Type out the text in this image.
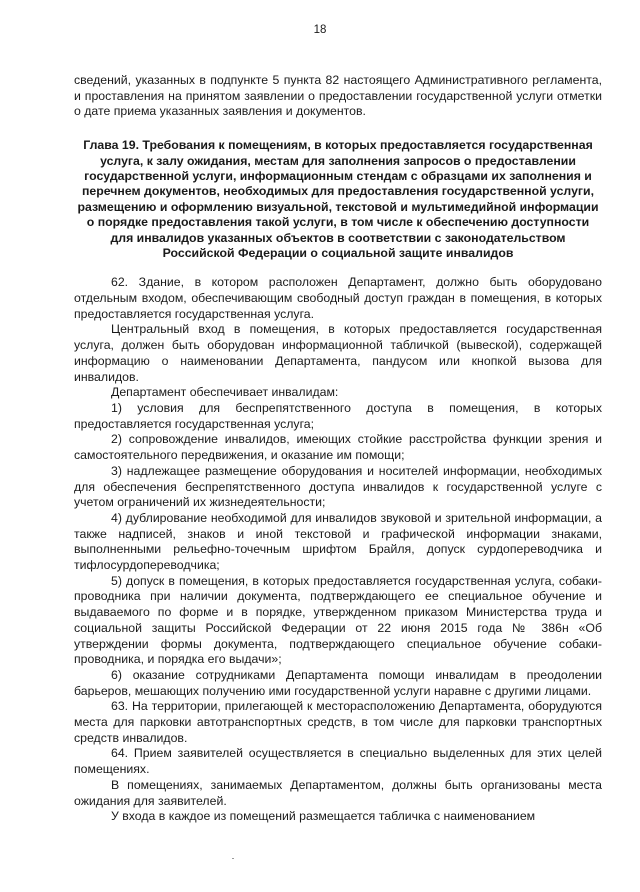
18

сведений, указанных в подпункте 5 пункта 82 настоящего Административного регламента, и проставления на принятом заявлении о предоставлении государственной услуги отметки о дате приема указанных заявления и документов.

Глава 19. Требования к помещениям, в которых предоставляется государственная услуга, к залу ожидания, местам для заполнения запросов о предоставлении государственной услуги, информационным стендам с образцами их заполнения и перечнем документов, необходимых для предоставления государственной услуги, размещению и оформлению визуальной, текстовой и мультимедийной информации о порядке предоставления такой услуги, в том числе к обеспечению доступности для инвалидов указанных объектов в соответствии с законодательством Российской Федерации о социальной защите инвалидов

62. Здание, в котором расположен Департамент, должно быть оборудовано отдельным входом, обеспечивающим свободный доступ граждан в помещения, в которых предоставляется государственная услуга.

Центральный вход в помещения, в которых предоставляется государственная услуга, должен быть оборудован информационной табличкой (вывеской), содержащей информацию о наименовании Департамента, пандусом или кнопкой вызова для инвалидов.

Департамент обеспечивает инвалидам:

1) условия для беспрепятственного доступа в помещения, в которых предоставляется государственная услуга;

2) сопровождение инвалидов, имеющих стойкие расстройства функции зрения и самостоятельного передвижения, и оказание им помощи;

3) надлежащее размещение оборудования и носителей информации, необходимых для обеспечения беспрепятственного доступа инвалидов к государственной услуге с учетом ограничений их жизнедеятельности;

4) дублирование необходимой для инвалидов звуковой и зрительной информации, а также надписей, знаков и иной текстовой и графической информации знаками, выполненными рельефно-точечным шрифтом Брайля, допуск сурдопереводчика и тифлосурдопереводчика;

5) допуск в помещения, в которых предоставляется государственная услуга, собаки-проводника при наличии документа, подтверждающего ее специальное обучение и выдаваемого по форме и в порядке, утвержденном приказом Министерства труда и социальной защиты Российской Федерации от 22 июня 2015 года № 386н «Об утверждении формы документа, подтверждающего специальное обучение собаки-проводника, и порядка его выдачи»;

6) оказание сотрудниками Департамента помощи инвалидам в преодолении барьеров, мешающих получению ими государственной услуги наравне с другими лицами.

63. На территории, прилегающей к месторасположению Департамента, оборудуются места для парковки автотранспортных средств, в том числе для парковки транспортных средств инвалидов.

64. Прием заявителей осуществляется в специально выделенных для этих целей помещениях.

В помещениях, занимаемых Департаментом, должны быть организованы места ожидания для заявителей.

У входа в каждое из помещений размещается табличка с наименованием
